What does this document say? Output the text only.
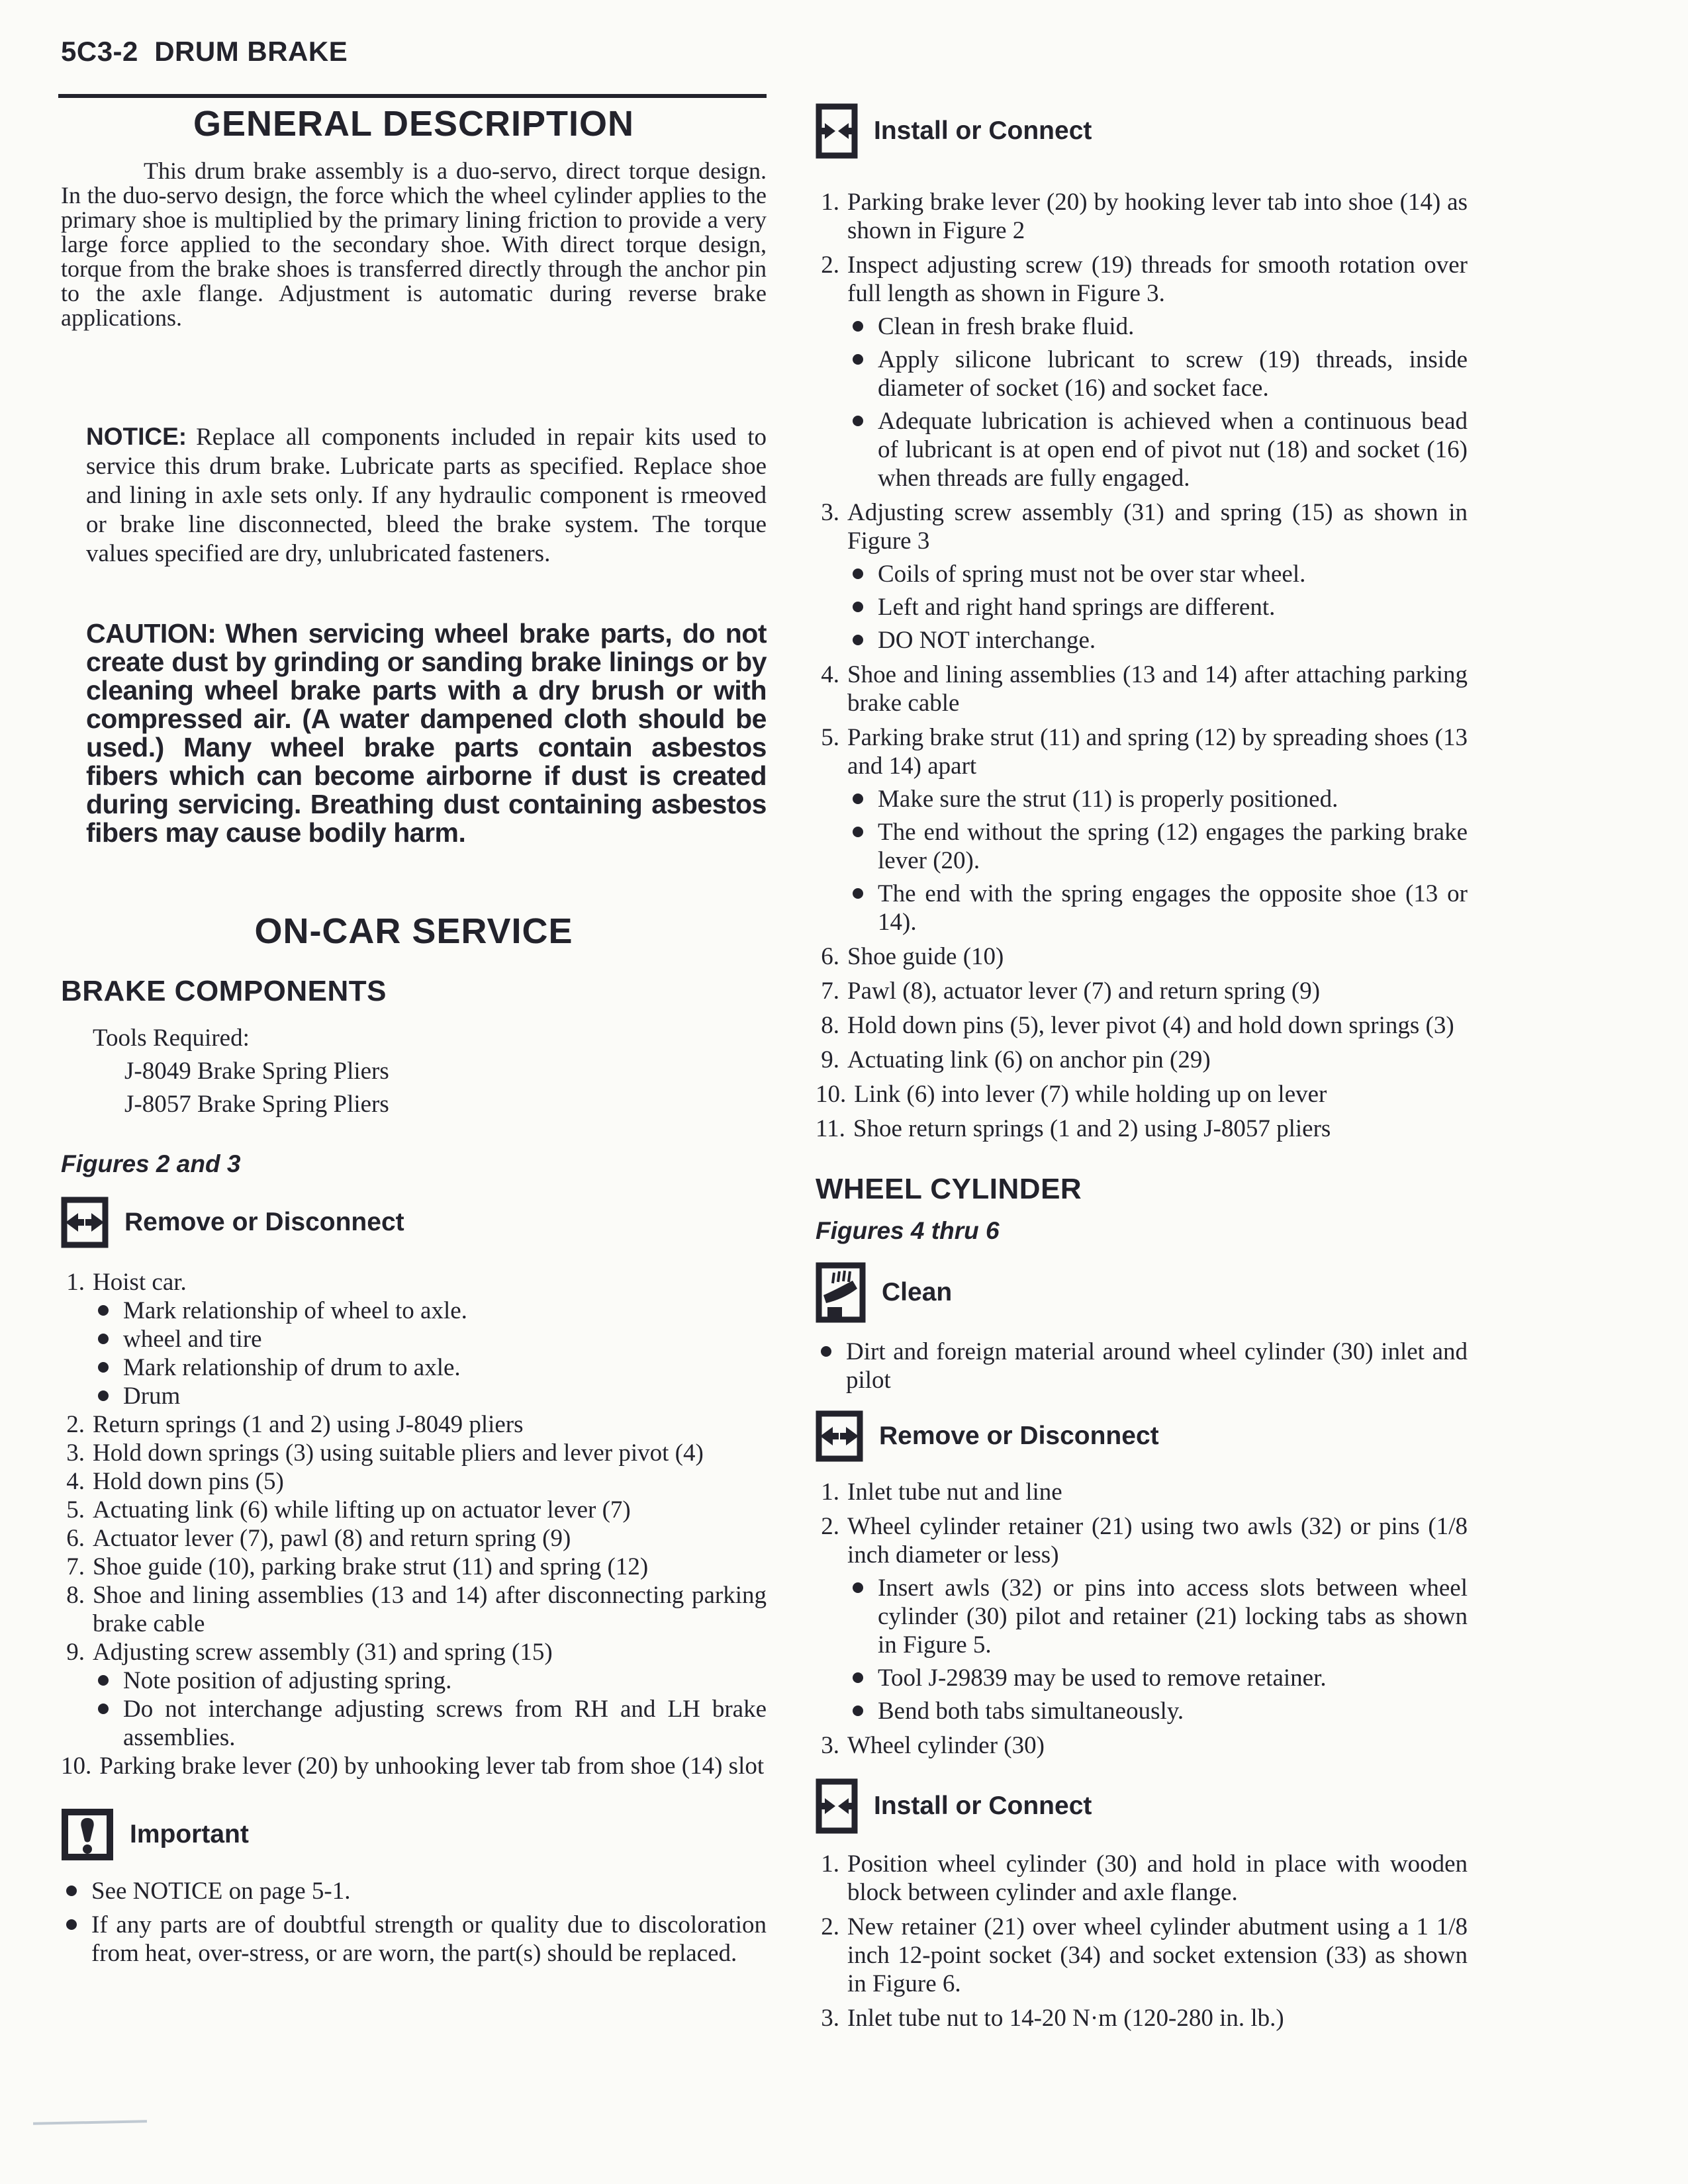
5C3-2  DRUM BRAKE
GENERAL DESCRIPTION
This drum brake assembly is a duo-servo, direct torque design. In the duo-servo design, the force which the wheel cylinder applies to the primary shoe is multiplied by the primary lining friction to provide a very large force applied to the secondary shoe. With direct torque design, torque from the brake shoes is transferred directly through the anchor pin to the axle flange. Adjustment is automatic during reverse brake applications.
NOTICE: Replace all components included in repair kits used to service this drum brake. Lubricate parts as specified. Replace shoe and lining in axle sets only. If any hydraulic component is rmeoved or brake line disconnected, bleed the brake system. The torque values specified are dry, unlubricated fasteners.
CAUTION: When servicing wheel brake parts, do not create dust by grinding or sanding brake linings or by cleaning wheel brake parts with a dry brush or with compressed air. (A water dampened cloth should be used.) Many wheel brake parts contain asbestos fibers which can become airborne if dust is created during servicing. Breathing dust containing asbestos fibers may cause bodily harm.
ON-CAR SERVICE
BRAKE COMPONENTS
Tools Required:
J-8049 Brake Spring Pliers
J-8057 Brake Spring Pliers
Figures 2 and 3
Remove or Disconnect
1. Hoist car.
Mark relationship of wheel to axle.
wheel and tire
Mark relationship of drum to axle.
Drum
2. Return springs (1 and 2) using J-8049 pliers
3. Hold down springs (3) using suitable pliers and lever pivot (4)
4. Hold down pins (5)
5. Actuating link (6) while lifting up on actuator lever (7)
6. Actuator lever (7), pawl (8) and return spring (9)
7. Shoe guide (10), parking brake strut (11) and spring (12)
8. Shoe and lining assemblies (13 and 14) after disconnecting parking brake cable
9. Adjusting screw assembly (31) and spring (15)
Note position of adjusting spring.
Do not interchange adjusting screws from RH and LH brake assemblies.
10. Parking brake lever (20) by unhooking lever tab from shoe (14) slot
Important
See NOTICE on page 5-1.
If any parts are of doubtful strength or quality due to discoloration from heat, over-stress, or are worn, the part(s) should be replaced.
Install or Connect
1. Parking brake lever (20) by hooking lever tab into shoe (14) as shown in Figure 2
2. Inspect adjusting screw (19) threads for smooth rotation over full length as shown in Figure 3.
Clean in fresh brake fluid.
Apply silicone lubricant to screw (19) threads, inside diameter of socket (16) and socket face.
Adequate lubrication is achieved when a continuous bead of lubricant is at open end of pivot nut (18) and socket (16) when threads are fully engaged.
3. Adjusting screw assembly (31) and spring (15) as shown in Figure 3
Coils of spring must not be over star wheel.
Left and right hand springs are different.
DO NOT interchange.
4. Shoe and lining assemblies (13 and 14) after attaching parking brake cable
5. Parking brake strut (11) and spring (12) by spreading shoes (13 and 14) apart
Make sure the strut (11) is properly positioned.
The end without the spring (12) engages the parking brake lever (20).
The end with the spring engages the opposite shoe (13 or 14).
6. Shoe guide (10)
7. Pawl (8), actuator lever (7) and return spring (9)
8. Hold down pins (5), lever pivot (4) and hold down springs (3)
9. Actuating link (6) on anchor pin (29)
10. Link (6) into lever (7) while holding up on lever
11. Shoe return springs (1 and 2) using J-8057 pliers
WHEEL CYLINDER
Figures 4 thru 6
Clean
Dirt and foreign material around wheel cylinder (30) inlet and pilot
Remove or Disconnect
1. Inlet tube nut and line
2. Wheel cylinder retainer (21) using two awls (32) or pins (1/8 inch diameter or less)
Insert awls (32) or pins into access slots between wheel cylinder (30) pilot and retainer (21) locking tabs as shown in Figure 5.
Tool J-29839 may be used to remove retainer.
Bend both tabs simultaneously.
3. Wheel cylinder (30)
Install or Connect
1. Position wheel cylinder (30) and hold in place with wooden block between cylinder and axle flange.
2. New retainer (21) over wheel cylinder abutment using a 1 1/8 inch 12-point socket (34) and socket extension (33) as shown in Figure 6.
3. Inlet tube nut to 14-20 N·m (120-280 in. lb.)
